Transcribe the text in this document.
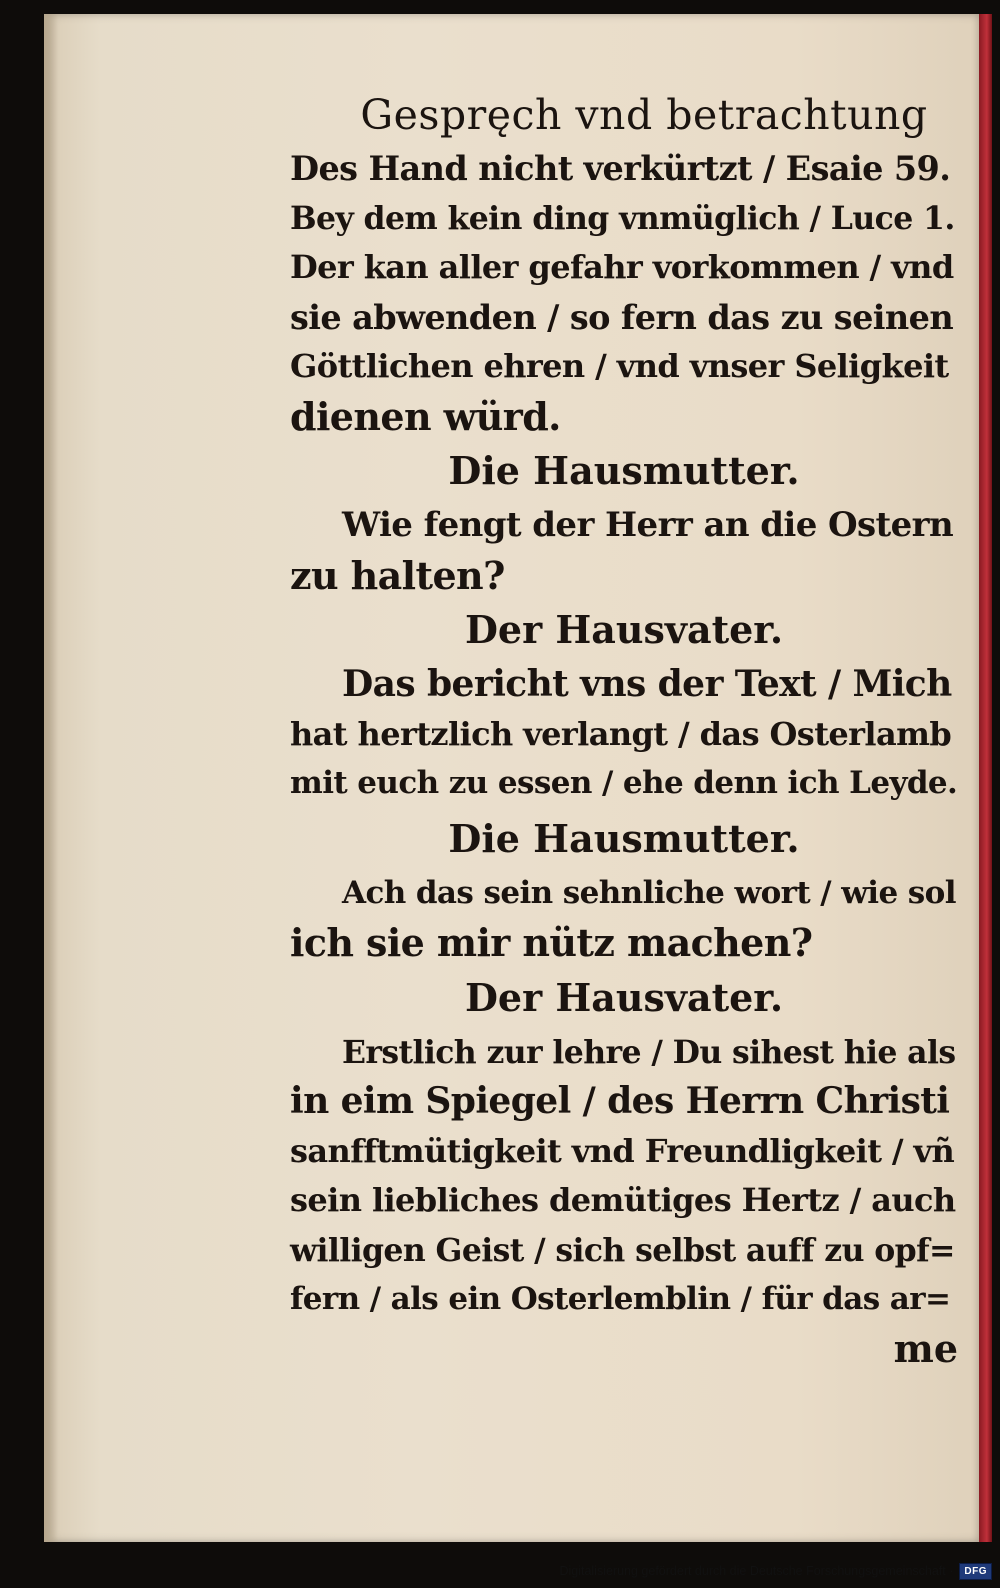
Gespręch vnd betrachtung
Des Hand nicht verkürtzt / Esaie 59.
Bey dem kein ding vnmüglich / Luce 1.
Der kan aller gefahr vorkommen / vnd
sie abwenden / so fern das zu seinen
Göttlichen ehren / vnd vnser Seligkeit
dienen würd.
Die Hausmutter.
Wie fengt der Herr an die Ostern
zu halten?
Der Hausvater.
Das bericht vns der Text / Mich
hat hertzlich verlangt / das Osterlamb
mit euch zu essen / ehe denn ich Leyde.
Die Hausmutter.
Ach das sein sehnliche wort / wie sol
ich sie mir nütz machen?
Der Hausvater.
Erstlich zur lehre / Du sihest hie als
in eim Spiegel / des Herrn Christi
sanfftmütigkeit vnd Freundligkeit / vñ
sein liebliches demütiges Hertz / auch
willigen Geist / sich selbst auff zu opf=
fern / als ein Osterlemblin / für das ar=
me
Digitalisierung gefördert durch die Deutsche Forschungsgemeinschaft ·	DFG
